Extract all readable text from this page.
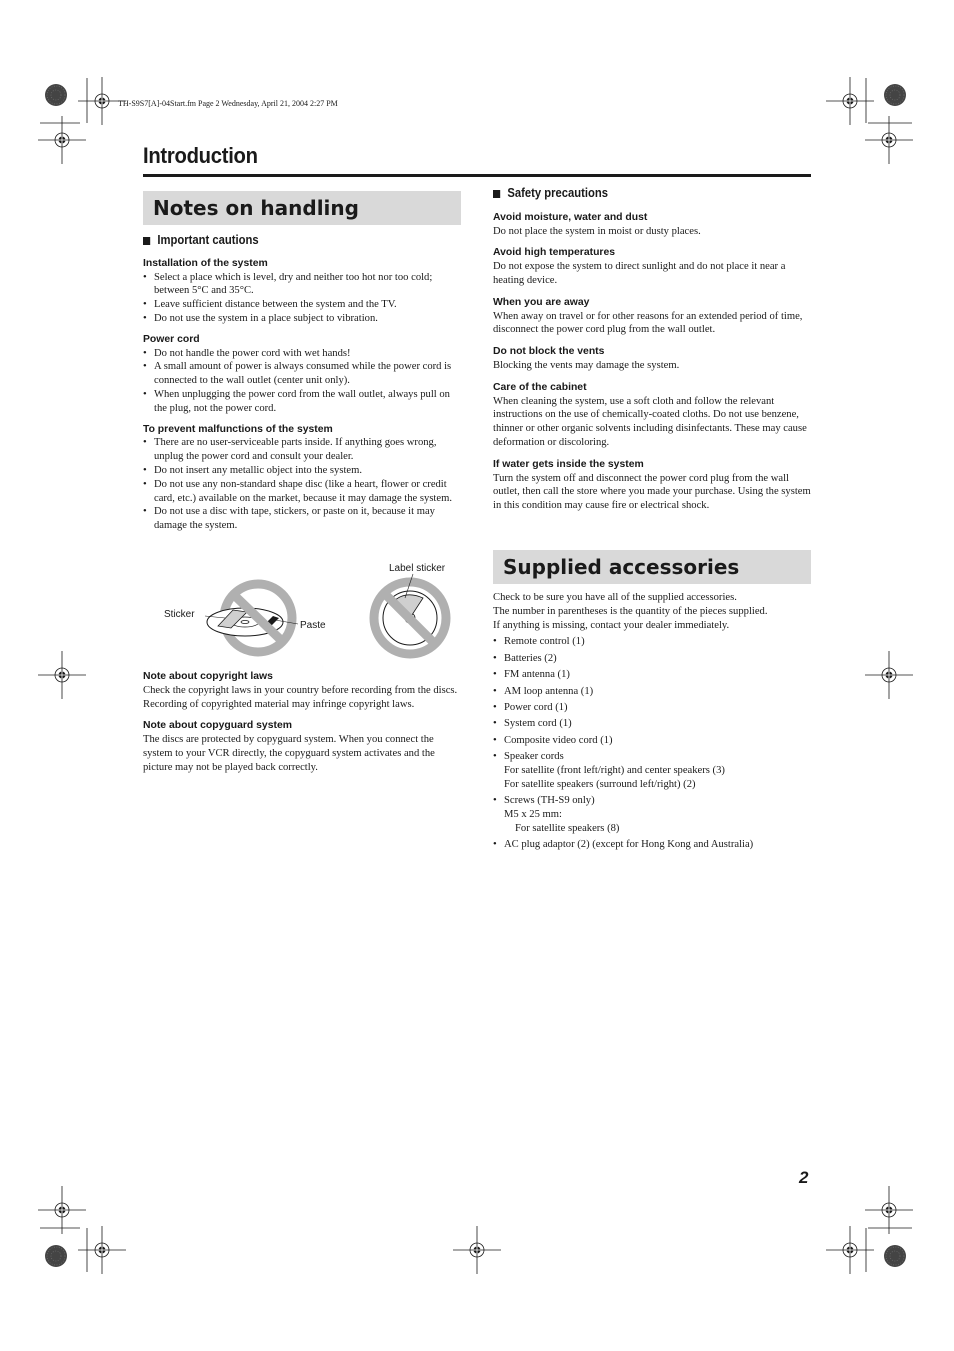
TH-S9S7[A]-04Start.fm Page 2 Wednesday, April 21, 2004 2:27 PM
Introduction
Notes on handling
Important cautions

Installation of the system

• Select a place which is level, dry and neither too hot nor too cold; between 5°C and 35°C.
• Leave sufficient distance between the system and the TV.
• Do not use the system in a place subject to vibration.

Power cord

• Do not handle the power cord with wet hands!
• A small amount of power is always consumed while the power cord is connected to the wall outlet (center unit only).
• When unplugging the power cord from the wall outlet, always pull on the plug, not the power cord.

To prevent malfunctions of the system

• There are no user-serviceable parts inside. If anything goes wrong, unplug the power cord and consult your dealer.
• Do not insert any metallic object into the system.
• Do not use any non-standard shape disc (like a heart, flower or credit card, etc.) available on the market, because it may damage the system.
• Do not use a disc with tape, stickers, or paste on it, because it may damage the system.
Label sticker
Sticker
Paste

Note about copyright laws

Check the copyright laws in your country before recording from the discs. Recording of copyrighted material may infringe copyright laws.

Note about copyguard system

The discs are protected by copyguard system. When you connect the system to your VCR directly, the copyguard system activates and the picture may not be played back correctly.

Safety precautions

Avoid moisture, water and dust

Do not place the system in moist or dusty places.

Avoid high temperatures

Do not expose the system to direct sunlight and do not place it near a heating device.

When you are away

When away on travel or for other reasons for an extended period of time, disconnect the power cord plug from the wall outlet.

Do not block the vents

Blocking the vents may damage the system.

Care of the cabinet

When cleaning the system, use a soft cloth and follow the relevant instructions on the use of chemically-coated cloths. Do not use benzene, thinner or other organic solvents including disinfectants. These may cause deformation or discoloring.

If water gets inside the system

Turn the system off and disconnect the power cord plug from the wall outlet, then call the store where you made your purchase. Using the system in this condition may cause fire or electrical shock.

Supplied accessories

Check to be sure you have all of the supplied accessories.

The number in parentheses is the quantity of the pieces supplied.

If anything is missing, contact your dealer immediately.

• Remote control (1)
• Batteries (2)
• FM antenna (1)
• AM loop antenna (1)
• Power cord (1)
• System cord (1)
• Composite video cord (1)
• Speaker cords
For satellite (front left/right) and center speakers (3)
For satellite speakers (surround left/right) (2)
• Screws (TH-S9 only)
M5 x 25 mm:
For satellite speakers (8)
• AC plug adaptor (2) (except for Hong Kong and Australia)
2
